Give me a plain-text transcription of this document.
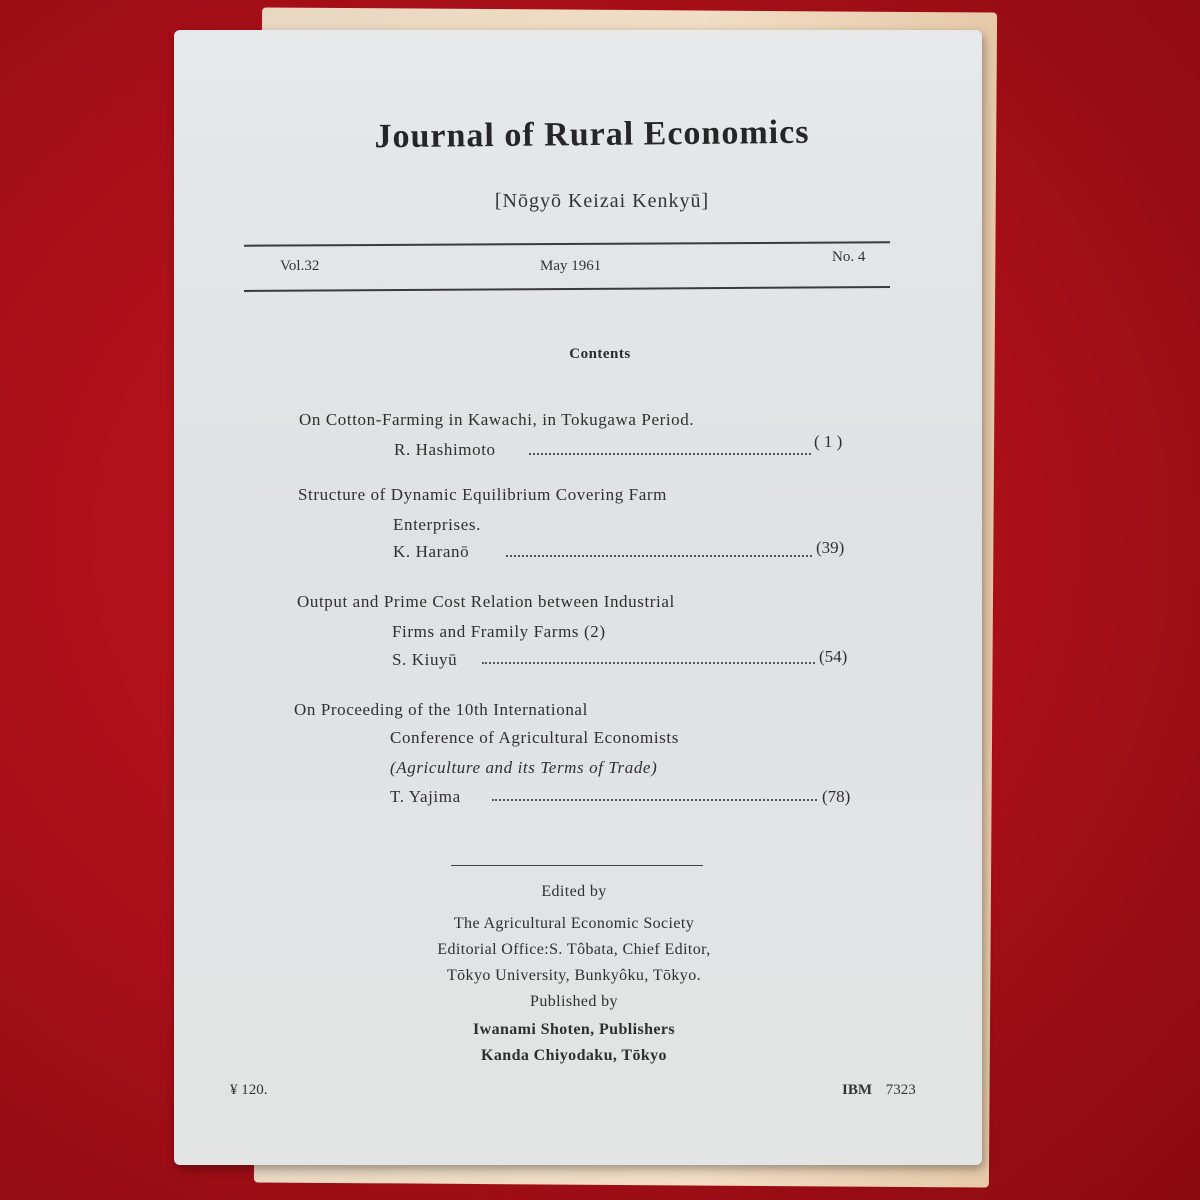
Journal of Rural Economics
[Nōgyō Keizai Kenkyū]
Vol.32	May 1961
No. 4
Contents
On Cotton-Farming in Kawachi, in Tokugawa Period.
R. Hashimoto	( 1 )
Structure of Dynamic Equilibrium Covering Farm
Enterprises.
K. Haranō	(39)
Output and Prime Cost Relation between Industrial
Firms and Framily Farms (2)
S. Kiuyū	(54)
On Proceeding of the 10th International
Conference of Agricultural Economists
(Agriculture and its Terms of Trade)
T. Yajima	(78)
Edited by
The Agricultural Economic Society
Editorial Office:S. Tôbata, Chief Editor,
Tōkyo University, Bunkyôku, Tōkyo.
Published by
Iwanami Shoten, Publishers
Kanda Chiyodaku, Tōkyo
¥ 120.	IBM 7323
